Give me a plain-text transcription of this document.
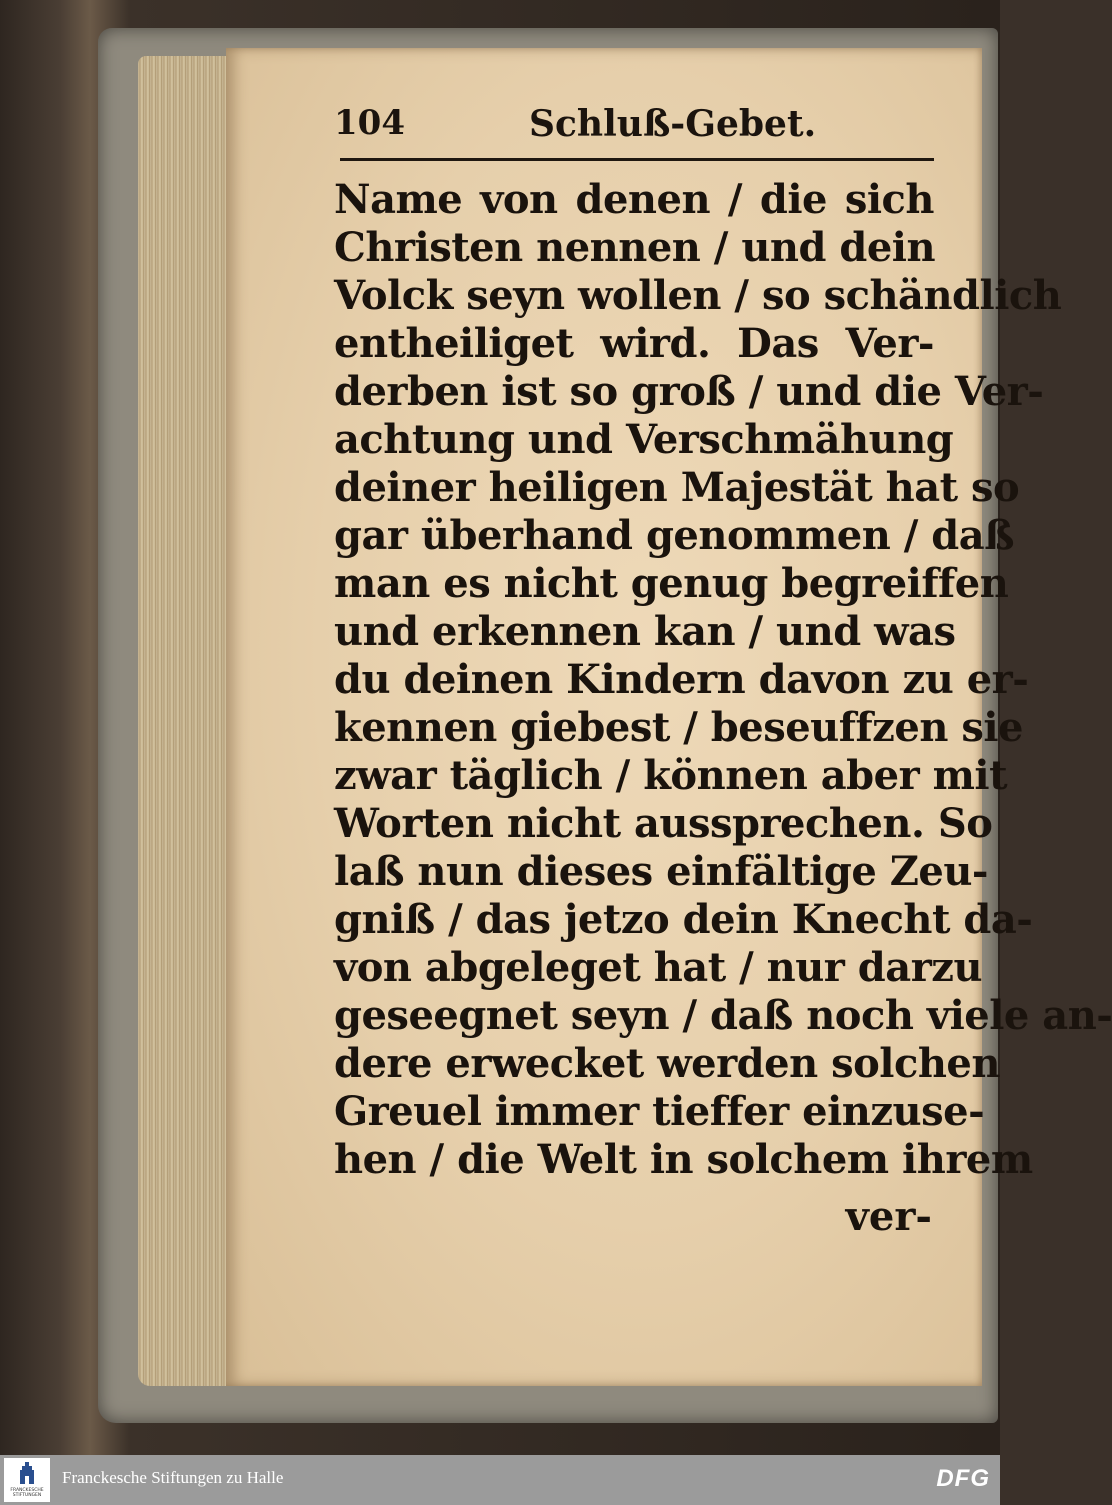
104	Schluß-Gebet.
Name von denen / die sich
Christen nennen / und dein
Volck seyn wollen / so schändlich
entheiliget wird. Das Ver-
derben ist so groß / und die Ver-
achtung und Verschmähung
deiner heiligen Majestät hat so
gar überhand genommen / daß
man es nicht genug begreiffen
und erkennen kan / und was
du deinen Kindern davon zu er-
kennen giebest / beseuffzen sie
zwar täglich / können aber mit
Worten nicht aussprechen. So
laß nun dieses einfältige Zeu-
gniß / das jetzo dein Knecht da-
von abgeleget hat / nur darzu
geseegnet seyn / daß noch viele an-
dere erwecket werden solchen
Greuel immer tieffer einzuse-
hen / die Welt in solchem ihrem
ver-
FRANCKESCHE
STIFTUNGEN
Franckesche Stiftungen zu Halle	DFG
